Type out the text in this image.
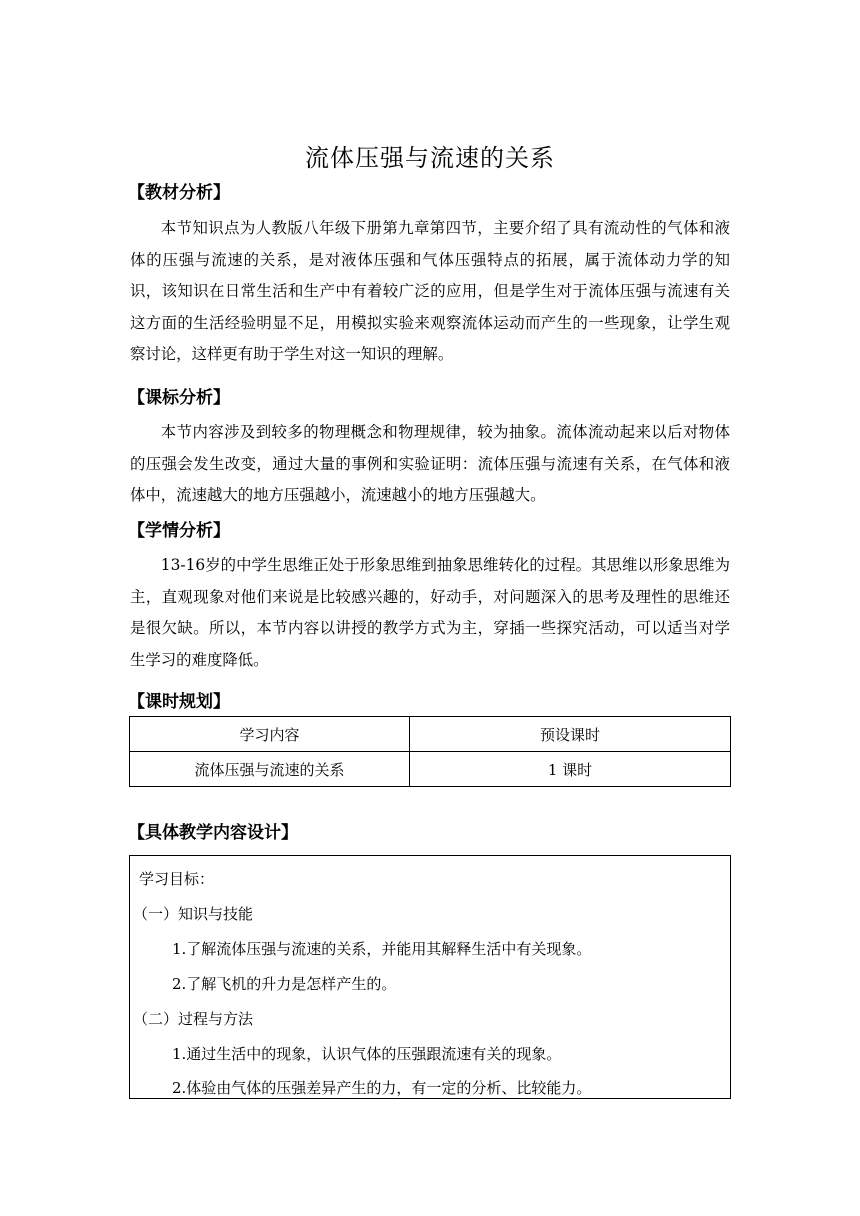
流体压强与流速的关系
【教材分析】

本节知识点为人教版八年级下册第九章第四节，主要介绍了具有流动性的气体和液体的压强与流速的关系，是对液体压强和气体压强特点的拓展，属于流体动力学的知识，该知识在日常生活和生产中有着较广泛的应用，但是学生对于流体压强与流速有关这方面的生活经验明显不足，用模拟实验来观察流体运动而产生的一些现象，让学生观察讨论，这样更有助于学生对这一知识的理解。

【课标分析】

本节内容涉及到较多的物理概念和物理规律，较为抽象。流体流动起来以后对物体的压强会发生改变，通过大量的事例和实验证明：流体压强与流速有关系，在气体和液体中，流速越大的地方压强越小，流速越小的地方压强越大。

【学情分析】

13-16岁的中学生思维正处于形象思维到抽象思维转化的过程。其思维以形象思维为主，直观现象对他们来说是比较感兴趣的，好动手，对问题深入的思考及理性的思维还是很欠缺。所以，本节内容以讲授的教学方式为主，穿插一些探究活动，可以适当对学生学习的难度降低。

【课时规划】
学习内容	预设课时
流体压强与流速的关系	1 课时
【具体教学内容设计】
学习目标：
（一）知识与技能
1.了解流体压强与流速的关系，并能用其解释生活中有关现象。
2.了解飞机的升力是怎样产生的。
（二）过程与方法
1.通过生活中的现象，认识气体的压强跟流速有关的现象。
2.体验由气体的压强差异产生的力，有一定的分析、比较能力。
